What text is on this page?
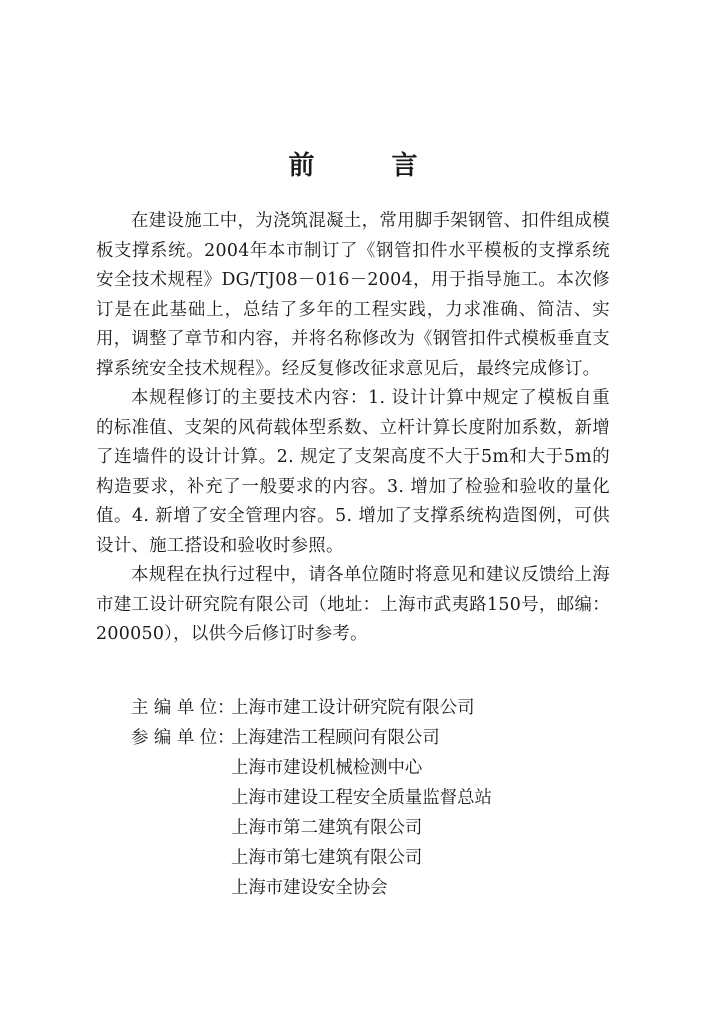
前 言

在建设施工中，为浇筑混凝土，常用脚手架钢管、扣件组成模板支撑系统。2004年本市制订了《钢管扣件水平模板的支撑系统安全技术规程》DG/TJ08－016－2004，用于指导施工。本次修订是在此基础上，总结了多年的工程实践，力求准确、简洁、实用，调整了章节和内容，并将名称修改为《钢管扣件式模板垂直支撑系统安全技术规程》。经反复修改征求意见后，最终完成修订。

本规程修订的主要技术内容：1. 设计计算中规定了模板自重的标准值、支架的风荷载体型系数、立杆计算长度附加系数，新增了连墙件的设计计算。2. 规定了支架高度不大于5m和大于5m的构造要求，补充了一般要求的内容。3. 增加了检验和验收的量化值。4. 新增了安全管理内容。5. 增加了支撑系统构造图例，可供设计、施工搭设和验收时参照。

本规程在执行过程中，请各单位随时将意见和建议反馈给上海市建工设计研究院有限公司（地址：上海市武夷路150号，邮编：200050），以供今后修订时参考。

主 编 单 位：
上海市建工设计研究院有限公司
参 编 单 位：
上海建浩工程顾问有限公司
上海市建设机械检测中心
上海市建设工程安全质量监督总站
上海市第二建筑有限公司
上海市第七建筑有限公司
上海市建设安全协会
